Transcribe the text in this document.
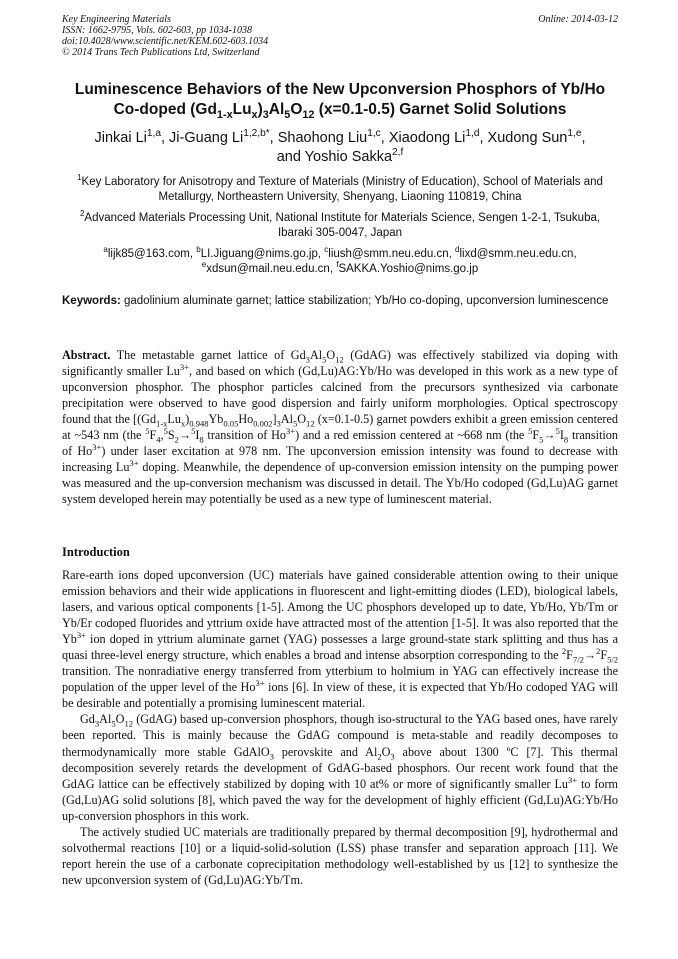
Key Engineering Materials
ISSN: 1662-9795, Vols. 602-603, pp 1034-1038
doi:10.4028/www.scientific.net/KEM.602-603.1034
© 2014 Trans Tech Publications Ltd, Switzerland
Online: 2014-03-12
Luminescence Behaviors of the New Upconversion Phosphors of Yb/Ho
Co-doped $(Gd_{1-x}Lu_x)_3Al_5O_{12}$ (x=0.1-0.5) Garnet Solid Solutions
Jinkai Li$^{1,a}$, Ji-Guang $Li^{1,2,b*}$, Shaohong Liu$^{1,c}$, Xiaodong Li$^{1,d}$, Xudong Sun$^{1,e}$,
and Yoshio Sakka$^{2,f}$
$^1$Key Laboratory for Anisotropy and Texture of Materials (Ministry of Education), School of Materials and Metallurgy, Northeastern University, Shenyang, Liaoning 110819, China
$^2$Advanced Materials Processing Unit, National Institute for Materials Science, Sengen 1-2-1, Tsukuba, Ibaraki 305-0047, Japan
$^a$lijk85@163.com, $^b$LI.Jiguang@nims.go.jp, $^c$liush@smm.neu.edu.cn, $^d$lixd@smm.neu.edu.cn,
$^e$xdsun@mail.neu.edu.cn, $^f$SAKKA.Yoshio@nims.go.jp
Keywords: gadolinium aluminate garnet; lattice stabilization; Yb/Ho co-doping, upconversion luminescence
Abstract. The metastable garnet lattice of $Gd_3Al_5O_{12}$ (GdAG) was effectively stabilized via doping with significantly smaller $Lu^{3+}$, and based on which (Gd,Lu)AG:Yb/Ho was developed in this work as a new type of upconversion phosphor. The phosphor particles calcined from the precursors synthesized via carbonate precipitation were observed to have good dispersion and fairly uniform morphologies. Optical spectroscopy found that the $[(Gd_{1-x}Lu_x)_{0.948}Yb_{0.05}Ho_{0.002}]_3Al_5O_{12}$ (x=0.1-0.5) garnet powders exhibit a green emission centered at ~543 nm (the $^5F_4,^5S_2\to^5I_8$ transition of $Ho^{3+}$) and a red emission centered at ~668 nm (the $^5F_5\to^5I_8$ transition of $Ho^{3+}$) under laser excitation at 978 nm. The upconversion emission intensity was found to decrease with increasing $Lu^{3+}$ doping. Meanwhile, the dependence of up-conversion emission intensity on the pumping power was measured and the up-conversion mechanism was discussed in detail. The Yb/Ho codoped (Gd,Lu)AG garnet system developed herein may potentially be used as a new type of luminescent material.
Introduction

Rare-earth ions doped upconversion (UC) materials have gained considerable attention owing to their unique emission behaviors and their wide applications in fluorescent and light-emitting diodes (LED), biological labels, lasers, and various optical components [1-5]. Among the UC phosphors developed up to date, Yb/Ho, Yb/Tm or Yb/Er codoped fluorides and yttrium oxide have attracted most of the attention [1-5]. It was also reported that the $Yb^{3+}$ ion doped in yttrium aluminate garnet (YAG) possesses a large ground-state stark splitting and thus has a quasi three-level energy structure, which enables a broad and intense absorption corresponding to the $^2F_{7/2}\to^2F_{5/2}$ transition. The nonradiative energy transferred from ytterbium to holmium in YAG can effectively increase the population of the upper level of the $Ho^{3+}$ ions [6]. In view of these, it is expected that Yb/Ho codoped YAG will be desirable and potentially a promising luminescent material.

$Gd_3Al_5O_{12}$ (GdAG) based up-conversion phosphors, though iso-structural to the YAG based ones, have rarely been reported. This is mainly because the GdAG compound is meta-stable and readily decomposes to thermodynamically more stable GdAlO$_3$ perovskite and $Al_2O_3$ above about 1300 ºC [7]. This thermal decomposition severely retards the development of GdAG-based phosphors. Our recent work found that the GdAG lattice can be effectively stabilized by doping with 10 at% or more of significantly smaller $Lu^{3+}$ to form (Gd,Lu)AG solid solutions [8], which paved the way for the development of highly efficient (Gd,Lu)AG:Yb/Ho up-conversion phosphors in this work.

The actively studied UC materials are traditionally prepared by thermal decomposition [9], hydrothermal and solvothermal reactions [10] or a liquid-solid-solution (LSS) phase transfer and separation approach [11]. We report herein the use of a carbonate coprecipitation methodology well-established by us [12] to synthesize the new upconversion system of (Gd,Lu)AG:Yb/Tm.
